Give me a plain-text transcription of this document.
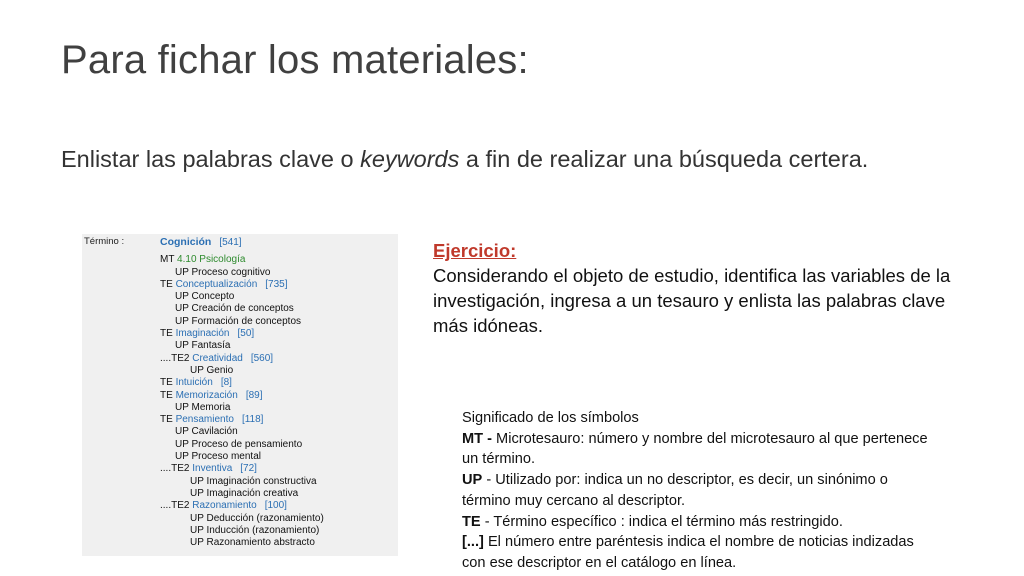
Para fichar los materiales:

Enlistar las palabras clave o keywords a fin de realizar una búsqueda certera.

Término :	Cognición [541]
MT 4.10 Psicología
UP Proceso cognitivo
TE Conceptualización [735]
UP Concepto
UP Creación de conceptos
UP Formación de conceptos
TE Imaginación [50]
UP Fantasía
....TE2 Creatividad [560]
UP Genio
TE Intuición [8]
TE Memorización [89]
UP Memoria
TE Pensamiento [118]
UP Cavilación
UP Proceso de pensamiento
UP Proceso mental
....TE2 Inventiva [72]
UP Imaginación constructiva
UP Imaginación creativa
....TE2 Razonamiento [100]
UP Deducción (razonamiento)
UP Inducción (razonamiento)
UP Razonamiento abstracto
Ejercicio:
Considerando el objeto de estudio, identifica las variables de la investigación, ingresa a un tesauro y enlista las palabras clave más idóneas.
Significado de los símbolos
MT - Microtesauro: número y nombre del microtesauro al que pertenece un término.
UP - Utilizado por: indica un no descriptor, es decir, un sinónimo o término muy cercano al descriptor.
TE - Término específico : indica el término más restringido.
[...] El número entre paréntesis indica el nombre de noticias indizadas con ese descriptor en el catálogo en línea.
